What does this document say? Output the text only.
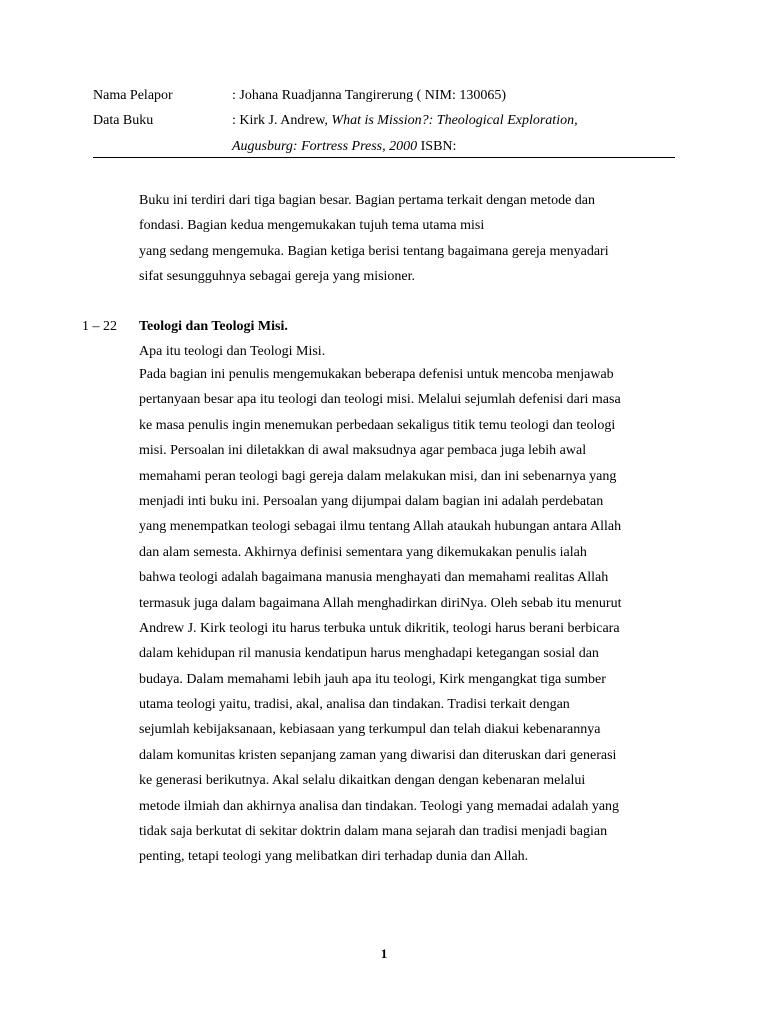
Nama Pelapor	: Johana Ruadjanna Tangirerung ( NIM: 130065)
Data Buku	: Kirk J. Andrew, What is Mission?: Theological Exploration,
Augusburg: Fortress Press, 2000 ISBN:
Buku ini terdiri dari tiga bagian besar. Bagian pertama terkait dengan metode dan
fondasi. Bagian kedua mengemukakan tujuh tema utama misi
yang sedang mengemuka. Bagian ketiga berisi tentang bagaimana gereja menyadari
sifat sesungguhnya sebagai gereja yang misioner.
1 – 22 Teologi dan Teologi Misi.
Apa itu teologi dan Teologi Misi.
Pada bagian ini penulis mengemukakan beberapa defenisi untuk mencoba menjawab
pertanyaan besar apa itu teologi dan teologi misi. Melalui sejumlah defenisi dari masa
ke masa penulis ingin menemukan perbedaan sekaligus titik temu teologi dan teologi
misi. Persoalan ini diletakkan di awal maksudnya agar pembaca juga lebih awal
memahami peran teologi bagi gereja dalam melakukan misi, dan ini sebenarnya yang
menjadi inti buku ini. Persoalan yang dijumpai dalam bagian ini adalah perdebatan
yang menempatkan teologi sebagai ilmu tentang Allah ataukah hubungan antara Allah
dan alam semesta. Akhirnya definisi sementara yang dikemukakan penulis ialah
bahwa teologi adalah bagaimana manusia menghayati dan memahami realitas Allah
termasuk juga dalam bagaimana Allah menghadirkan diriNya. Oleh sebab itu menurut
Andrew J. Kirk teologi itu harus terbuka untuk dikritik, teologi harus berani berbicara
dalam kehidupan ril manusia kendatipun harus menghadapi ketegangan sosial dan
budaya. Dalam memahami lebih jauh apa itu teologi, Kirk mengangkat tiga sumber
utama teologi yaitu, tradisi, akal, analisa dan tindakan. Tradisi terkait dengan
sejumlah kebijaksanaan, kebiasaan yang terkumpul dan telah diakui kebenarannya
dalam komunitas kristen sepanjang zaman yang diwarisi dan diteruskan dari generasi
ke generasi berikutnya. Akal selalu dikaitkan dengan dengan kebenaran melalui
metode ilmiah dan akhirnya analisa dan tindakan. Teologi yang memadai adalah yang
tidak saja berkutat di sekitar doktrin dalam mana sejarah dan tradisi menjadi bagian
penting, tetapi teologi yang melibatkan diri terhadap dunia dan Allah.
1
